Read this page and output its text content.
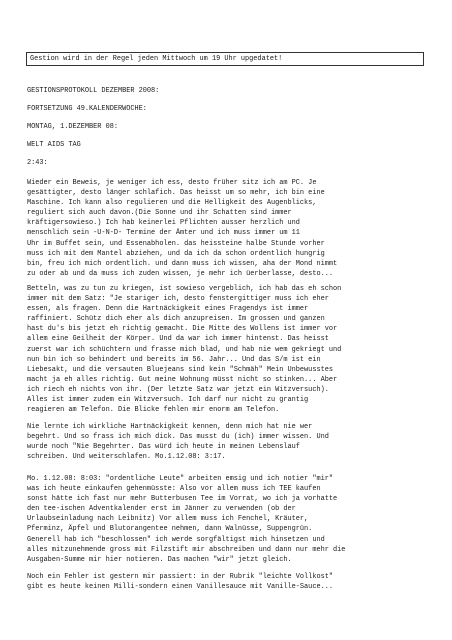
Gestion wird in der Regel jeden Mittwoch um 19 Uhr upgedatet!

GESTIONSPROTOKOLL DEZEMBER 2008:

FORTSETZUNG 49.KALENDERWOCHE:

MONTAG, 1.DEZEMBER 08:

WELT AIDS TAG

2:43:

Wieder ein Beweis, je weniger ich ess, desto früher sitz ich am PC. Je
gesättigter, desto länger schlafich. Das heisst um so mehr, ich bin eine
Maschine. Ich kann also regulieren und die Helligkeit des Augenblicks,
reguliert sich auch davon.(Die Sonne und ihr Schatten sind immer
kräftigersowieso.) Ich hab keinerlei Pflichten ausser herzlich und
menschlich sein -U-N-D- Termine der Ämter und ich muss immer um 11
Uhr im Buffet sein, und Essenabholen. das heissteine halbe Stunde vorher
muss ich mit dem Mantel abziehen, und da ich da schon ordentlich hungrig
bin, freu ich mich ordentlich. und dann muss ich wissen, aha der Mond nimmt
zu oder ab und da muss ich zuden wissen, je mehr ich üerberlasse, desto...
Betteln, was zu tun zu kriegen, ist sowieso vergeblich, ich hab das eh schon
immer mit dem Satz: "Je stariger ich, desto fenstergittiger muss ich eher
essen, als fragen. Denn die Hartnäckigkeit eines Fragendys ist immer
raffiniert. Schütz dich eher als dich anzupreisen. Im grossen und ganzen
hast du's bis jetzt eh richtig gemacht. Die Mitte des Wollens ist immer vor
allem eine Geilheit der Körper. Und da war ich immer hintenst. Das heisst
zuerst war ich schüchtern und frasse mich blad, und hab nie wem gekriegt und
nun bin ich so behindert und bereits im 56. Jahr... Und das S/m ist ein
Liebesakt, und die versauten Bluejeans sind kein "Schmäh" Mein Unbewusstes
macht ja eh alles richtig. Gut meine Wohnung müsst nicht so stinken... Aber
ich riech eh nichts von ihr. (Der letzte Satz war jetzt ein Witzversuch).
Alles ist immer zudem ein Witzversuch. Ich darf nur nicht zu grantig
reagieren am Telefon. Die Blicke fehlen mir enorm am Telefon.
Nie lernte ich wirkliche Hartnäckigkeit kennen, denn mich hat nie wer
begehrt. Und so frass ich mich dick. Das musst du (ich) immer wissen. Und
wurde noch "Nie Begehrter. Das würd ich heute in meinen Lebenslauf
schreiben. Und weiterschlafen. Mo.1.12.08: 3:17.
Mo. 1.12.08: 8:03: "ordentliche Leute" arbeiten emsig und ich notier "mir"
was ich heute einkaufen gehenmüsste: Also vor allem muss ich TEE kaufen
sonst hätte ich fast nur mehr Butterbusen Tee im Vorrat, wo ich ja vorhatte
den tee-ischen Adventkalender erst im Jänner zu verwenden (ob der
Urlaubseinladung nach Leibnitz) Vor allem muss ich Fenchel, Kräuter,
Pferminz, Äpfel und Blutorangentee nehmen, dann Walnüsse, Suppengrün.
Generell hab ich "beschlossen" ich werde sorgfältigst mich hinsetzen und
alles mitzunehmende gross mit Filzstift mir abschreiben und dann nur mehr die
Ausgaben-Summe mir hier notieren. Das machen "wir" jetzt gleich.
Noch ein Fehler ist gestern mir passiert: in der Rubrik "leichte Vollkost"
gibt es heute keinen Milli-sondern einen Vanillesauce mit Vanille-Sauce...
